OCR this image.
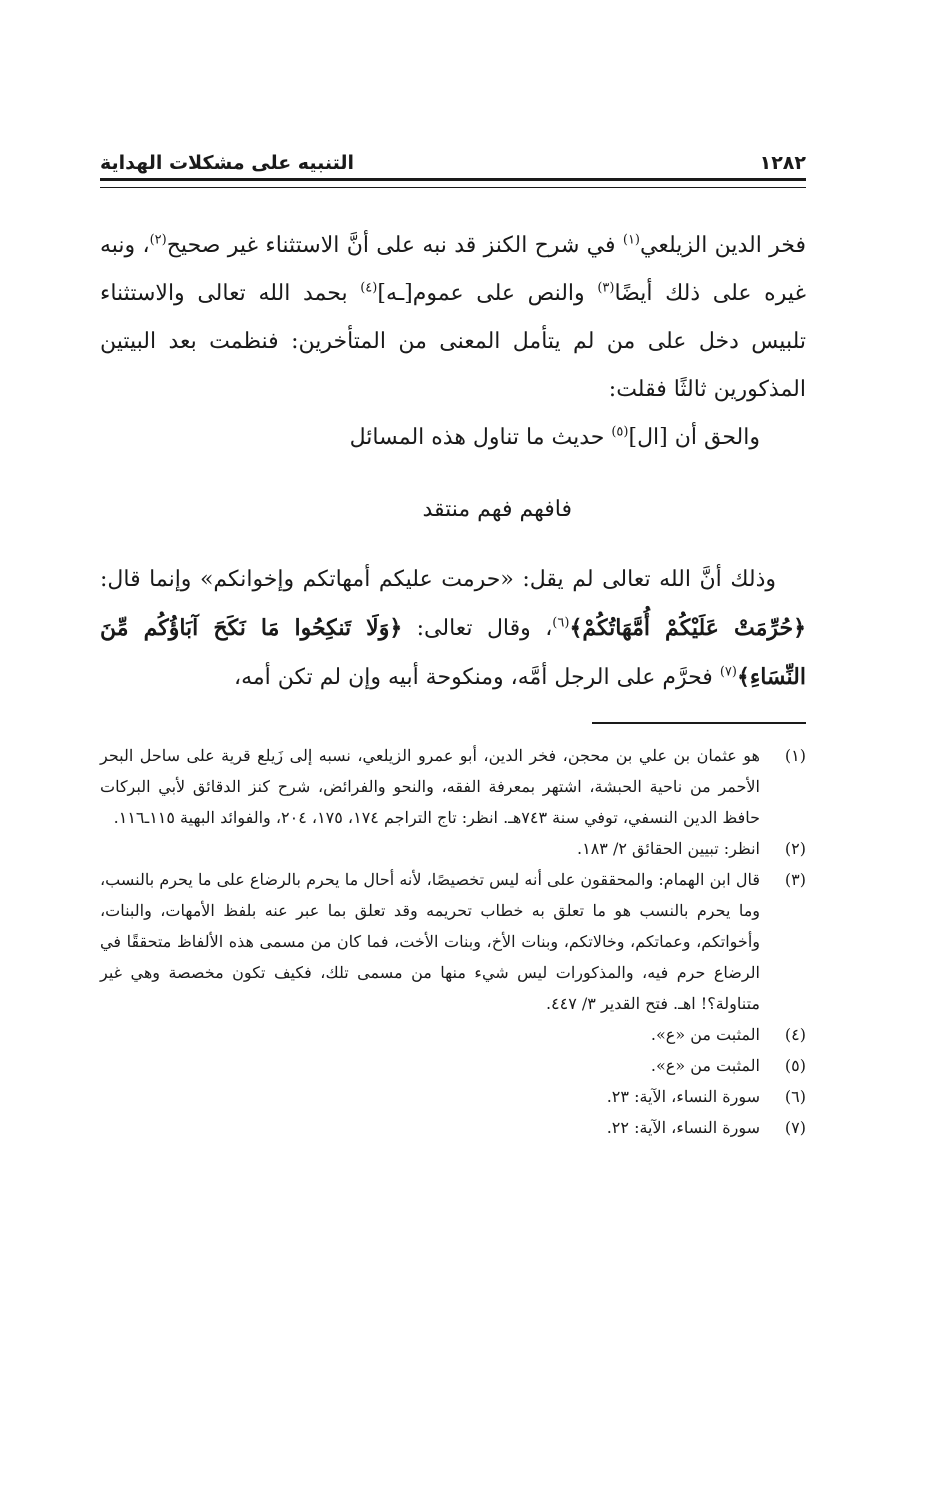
١٢٨٢
التنبيه على مشكلات الهداية

فخر الدين الزيلعي$^{(١)}$ في شرح الكنز قد نبه على أنَّ الاستثناء غير صحيح$^{(٢)}$، ونبه غيره على ذلك أيضًا$^{(٣)}$ والنص على عموم[ـه]$^{(٤)}$ بحمد الله تعالى والاستثناء تلبيس دخل على من لم يتأمل المعنى من المتأخرين: فنظمت بعد البيتين المذكورين ثالثًا فقلت:

والحق أن [ال]$^{(٥)}$ حديث ما تناول هذه المسائل

فافهم فهم منتقد

وذلك أنَّ الله تعالى لم يقل: «حرمت عليكم أمهاتكم وإخوانكم» وإنما قال: ﴿حُرِّمَتْ عَلَيْكُمْ أُمَّهَاتُكُمْ﴾$^{(٦)}$، وقال تعالى: ﴿وَلَا تَنكِحُوا مَا نَكَحَ آبَاؤُكُم مِّنَ النِّسَاءِ﴾$^{(٧)}$ فحرَّم على الرجل أمَّه، ومنكوحة أبيه وإن لم تكن أمه،

(١)
هو عثمان بن علي بن محجن، فخر الدين، أبو عمرو الزيلعي، نسبه إلى زَيلع قرية على ساحل البحر الأحمر من ناحية الحبشة، اشتهر بمعرفة الفقه، والنحو والفرائض، شرح كنز الدقائق لأبي البركات حافظ الدين النسفي، توفي سنة ٧٤٣هـ. انظر: تاج التراجم ١٧٤، ١٧٥، ٢٠٤، والفوائد البهية ١١٥ـ١١٦.
(٢)
انظر: تبيين الحقائق ٢/ ١٨٣.
(٣)
قال ابن الهمام: والمحققون على أنه ليس تخصيصًا، لأنه أحال ما يحرم بالرضاع على ما يحرم بالنسب، وما يحرم بالنسب هو ما تعلق به خطاب تحريمه وقد تعلق بما عبر عنه بلفظ الأمهات، والبنات، وأخواتكم، وعماتكم، وخالاتكم، وبنات الأخ، وبنات الأخت، فما كان من مسمى هذه الألفاظ متحققًا في الرضاع حرم فيه، والمذكورات ليس شيء منها من مسمى تلك، فكيف تكون مخصصة وهي غير متناولة؟! اهـ. فتح القدير ٣/ ٤٤٧.
(٤)
المثبت من «ع».
(٥)
المثبت من «ع».
(٦)
سورة النساء، الآية: ٢٣.
(٧)
سورة النساء، الآية: ٢٢.
